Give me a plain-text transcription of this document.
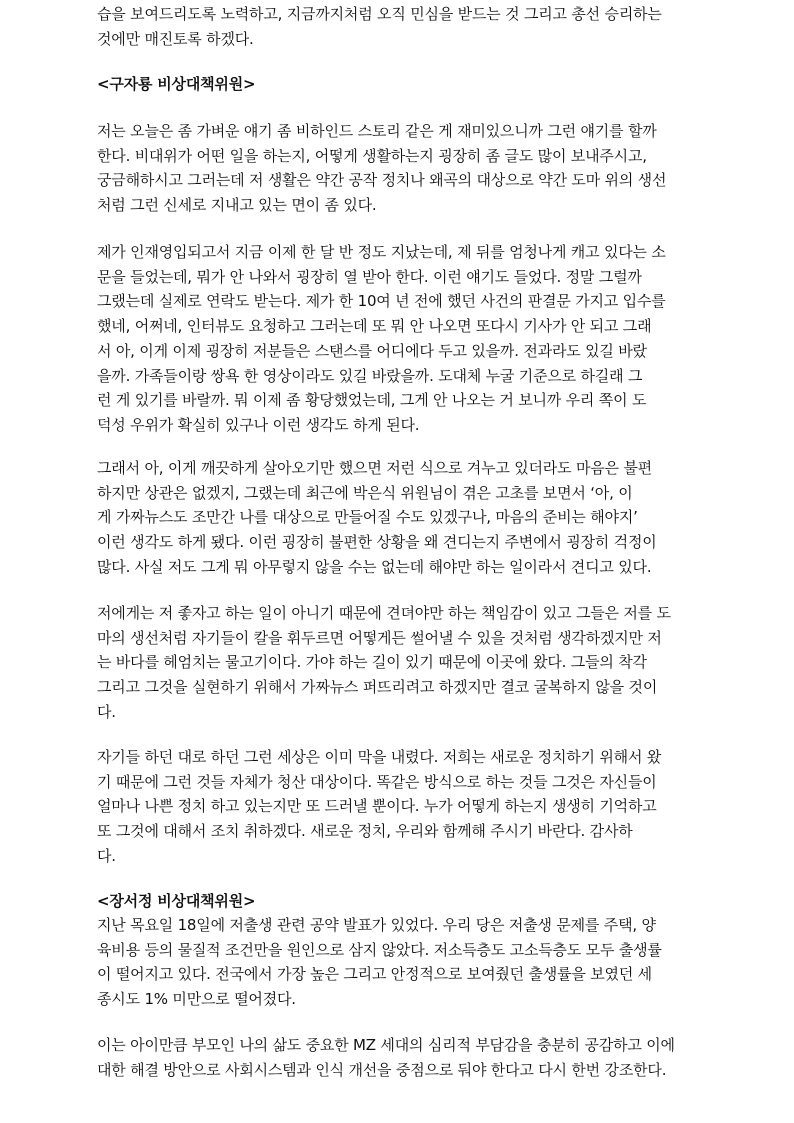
습을 보여드리도록 노력하고, 지금까지처럼 오직 민심을 받드는 것 그리고 총선 승리하는
것에만 매진토록 하겠다.
<구자룡 비상대책위원>
저는 오늘은 좀 가벼운 얘기 좀 비하인드 스토리 같은 게 재미있으니까 그런 얘기를 할까
한다. 비대위가 어떤 일을 하는지, 어떻게 생활하는지 굉장히 좀 글도 많이 보내주시고,
궁금해하시고 그러는데 저 생활은 약간 공작 정치나 왜곡의 대상으로 약간 도마 위의 생선
처럼 그런 신세로 지내고 있는 면이 좀 있다.
제가 인재영입되고서 지금 이제 한 달 반 정도 지났는데, 제 뒤를 엄청나게 캐고 있다는 소
문을 들었는데, 뭐가 안 나와서 굉장히 열 받아 한다. 이런 얘기도 들었다. 정말 그럴까
그랬는데 실제로 연락도 받는다. 제가 한 10여 년 전에 했던 사건의 판결문 가지고 입수를
했네, 어쩌네, 인터뷰도 요청하고 그러는데 또 뭐 안 나오면 또다시 기사가 안 되고 그래
서 아, 이게 이제 굉장히 저분들은 스탠스를 어디에다 두고 있을까. 전과라도 있길 바랐
을까. 가족들이랑 쌍욕 한 영상이라도 있길 바랐을까. 도대체 누굴 기준으로 하길래 그
런 게 있기를 바랄까. 뭐 이제 좀 황당했었는데, 그게 안 나오는 거 보니까 우리 쪽이 도
덕성 우위가 확실히 있구나 이런 생각도 하게 된다.
그래서 아, 이게 깨끗하게 살아오기만 했으면 저런 식으로 겨누고 있더라도 마음은 불편
하지만 상관은 없겠지, 그랬는데 최근에 박은식 위원님이 겪은 고초를 보면서 ‘아, 이
게 가짜뉴스도 조만간 나를 대상으로 만들어질 수도 있겠구나, 마음의 준비는 해야지’
이런 생각도 하게 됐다. 이런 굉장히 불편한 상황을 왜 견디는지 주변에서 굉장히 걱정이
많다. 사실 저도 그게 뭐 아무렇지 않을 수는 없는데 해야만 하는 일이라서 견디고 있다.
저에게는 저 좋자고 하는 일이 아니기 때문에 견뎌야만 하는 책임감이 있고 그들은 저를 도
마의 생선처럼 자기들이 칼을 휘두르면 어떻게든 썰어낼 수 있을 것처럼 생각하겠지만 저
는 바다를 헤엄치는 물고기이다. 가야 하는 길이 있기 때문에 이곳에 왔다. 그들의 착각
그리고 그것을 실현하기 위해서 가짜뉴스 퍼뜨리려고 하겠지만 결코 굴복하지 않을 것이
다.
자기들 하던 대로 하던 그런 세상은 이미 막을 내렸다. 저희는 새로운 정치하기 위해서 왔
기 때문에 그런 것들 자체가 청산 대상이다. 똑같은 방식으로 하는 것들 그것은 자신들이
얼마나 나쁜 정치 하고 있는지만 또 드러낼 뿐이다. 누가 어떻게 하는지 생생히 기억하고
또 그것에 대해서 조치 취하겠다. 새로운 정치, 우리와 함께해 주시기 바란다. 감사하
다.
<장서정 비상대책위원>
지난 목요일 18일에 저출생 관련 공약 발표가 있었다. 우리 당은 저출생 문제를 주택, 양
육비용 등의 물질적 조건만을 원인으로 삼지 않았다. 저소득층도 고소득층도 모두 출생률
이 떨어지고 있다. 전국에서 가장 높은 그리고 안정적으로 보여줬던 출생률을 보였던 세
종시도 1% 미만으로 떨어졌다.
이는 아이만큼 부모인 나의 삶도 중요한 MZ 세대의 심리적 부담감을 충분히 공감하고 이에
대한 해결 방안으로 사회시스템과 인식 개선을 중점으로 둬야 한다고 다시 한번 강조한다.
